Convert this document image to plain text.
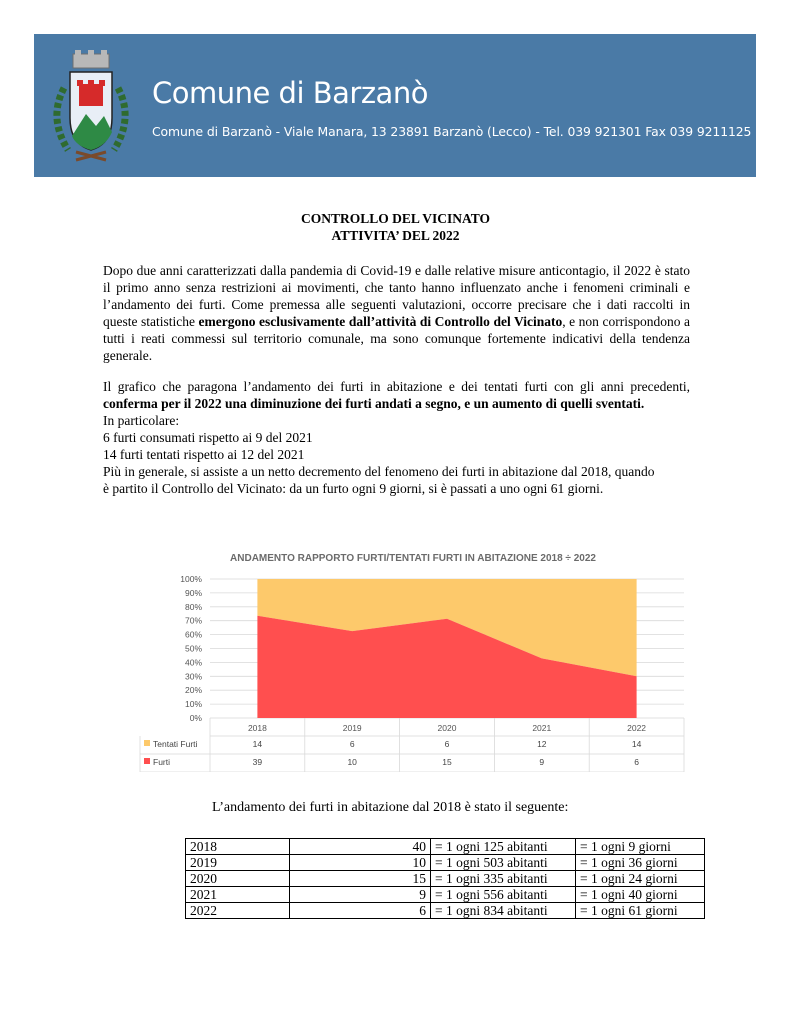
Comune di Barzanò
Comune di Barzanò - Viale Manara, 13 23891 Barzanò (Lecco) - Tel. 039 921301 Fax 039 9211125
CONTROLLO DEL VICINATO
ATTIVITA’ DEL 2022
Dopo due anni caratterizzati dalla pandemia di Covid-19 e dalle relative misure anticontagio, il 2022 è stato il primo anno senza restrizioni ai movimenti, che tanto hanno influenzato anche i fenomeni criminali e l’andamento dei furti. Come premessa alle seguenti valutazioni, occorre precisare che i dati raccolti in queste statistiche emergono esclusivamente dall’attività di Controllo del Vicinato, e non corrispondono a tutti i reati commessi sul territorio comunale, ma sono comunque fortemente indicativi della tendenza generale.
Il grafico che paragona l’andamento dei furti in abitazione e dei tentati furti con gli anni precedenti, conferma per il 2022 una diminuzione dei furti andati a segno, e un aumento di quelli sventati.
In particolare:
6 furti consumati rispetto ai 9 del 2021
14 furti tentati rispetto ai 12 del 2021
Più in generale, si assiste a un netto decremento del fenomeno dei furti in abitazione dal 2018, quando
è partito il Controllo del Vicinato: da un furto ogni 9 giorni, si è passati a uno ogni 61 giorni.
ANDAMENTO RAPPORTO FURTI/TENTATI FURTI IN ABITAZIONE 2018 ÷ 2022
0%
10%
20%
30%
40%
50%
60%
70%
80%
90%
100%
2018	2019	2020	2021	2022
Tentati Furti	14	6	6	12	14
Furti	39	10	15	9	6
L’andamento dei furti in abitazione dal 2018 è stato il seguente:
2018	40	= 1 ogni 125 abitanti	= 1 ogni 9 giorni
2019	10	= 1 ogni 503 abitanti	= 1 ogni 36 giorni
2020	15	= 1 ogni 335 abitanti	= 1 ogni 24 giorni
2021	9	= 1 ogni 556 abitanti	= 1 ogni 40 giorni
2022	6	= 1 ogni 834 abitanti	= 1 ogni 61 giorni
